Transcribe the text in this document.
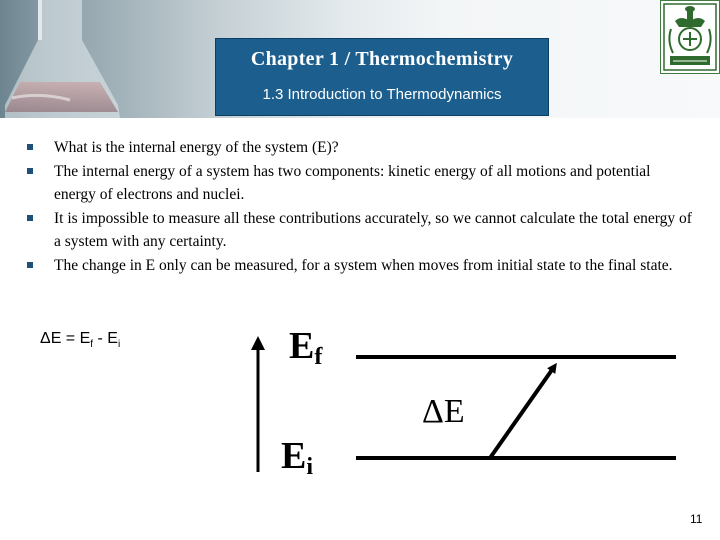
Chapter 1 / Thermochemistry
1.3 Introduction to Thermodynamics
What is the internal energy of the system (E)?
The internal energy of a system has two components: kinetic energy of all motions and potential energy of electrons and nuclei.
It is impossible to measure all these contributions accurately, so we cannot calculate the total energy of a system with any certainty.
The change in E only can be measured, for a system when moves from initial state to the final state.
$\Delta E = E_f - E_i$	$E_f$
$E_i$
ΔE
11
